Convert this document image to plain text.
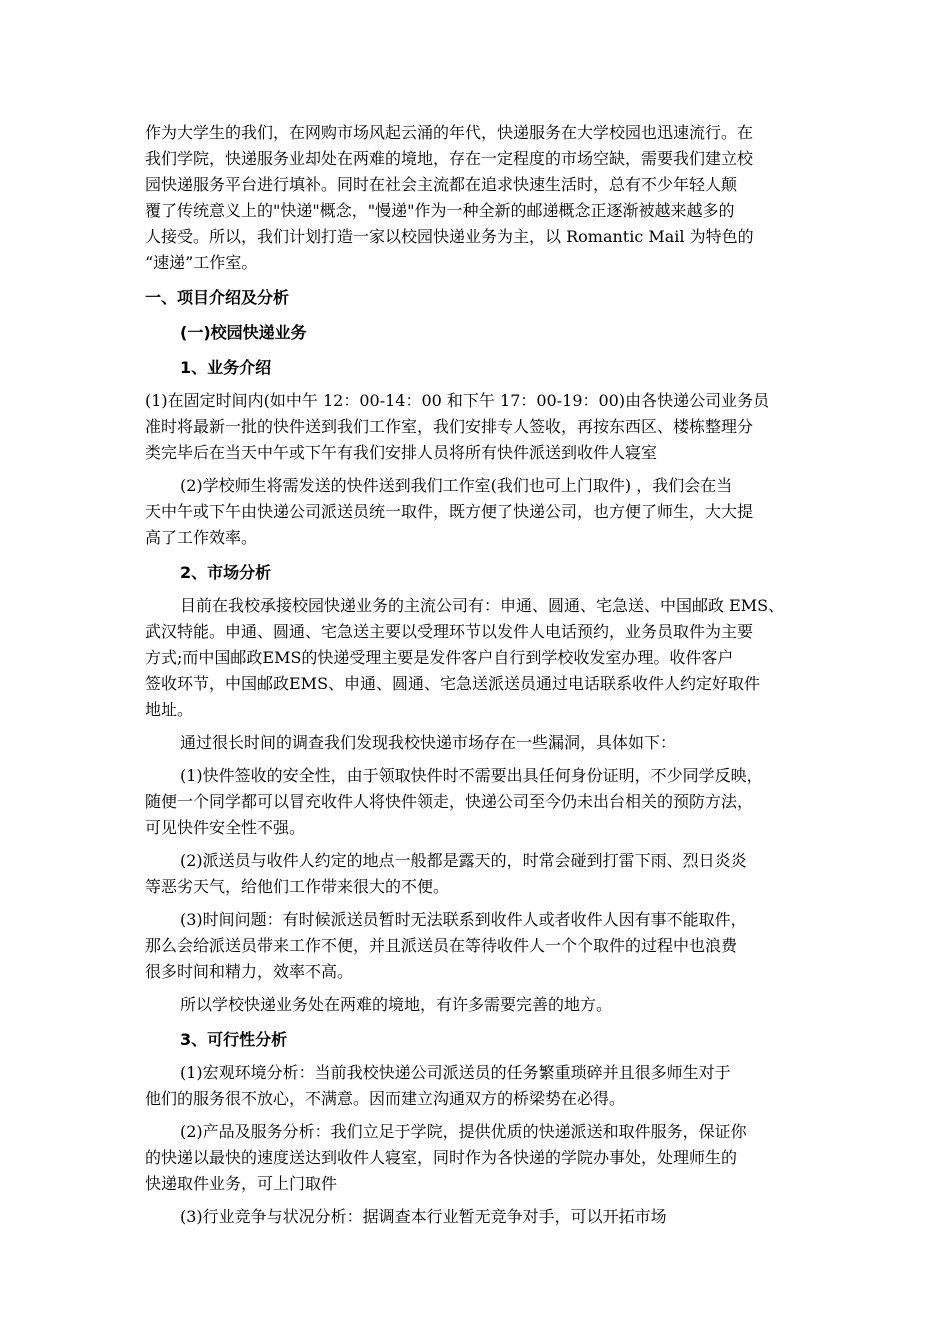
作为大学生的我们，在网购市场风起云涌的年代，快递服务在大学校园也迅速流行。在

我们学院，快递服务业却处在两难的境地，存在一定程度的市场空缺，需要我们建立校

园快递服务平台进行填补。同时在社会主流都在追求快速生活时，总有不少年轻人颠

覆了传统意义上的"快递"概念，"慢递"作为一种全新的邮递概念正逐渐被越来越多的

人接受。所以，我们计划打造一家以校园快递业务为主，以 Romantic Mail 为特色的

“速递”工作室。

一、项目介绍及分析
(一)校园快递业务
1、业务介绍

(1)在固定时间内(如中午 12：00-14：00 和下午 17：00-19：00)由各快递公司业务员

准时将最新一批的快件送到我们工作室，我们安排专人签收，再按东西区、楼栋整理分

类完毕后在当天中午或下午有我们安排人员将所有快件派送到收件人寝室

(2)学校师生将需发送的快件送到我们工作室(我们也可上门取件) ，我们会在当

天中午或下午由快递公司派送员统一取件，既方便了快递公司，也方便了师生，大大提

高了工作效率。

2、市场分析

目前在我校承接校园快递业务的主流公司有：申通、圆通、宅急送、中国邮政 EMS、

武汉特能。申通、圆通、宅急送主要以受理环节以发件人电话预约，业务员取件为主要

方式;而中国邮政EMS的快递受理主要是发件客户自行到学校收发室办理。收件客户

签收环节，中国邮政EMS、申通、圆通、宅急送派送员通过电话联系收件人约定好取件

地址。

通过很长时间的调查我们发现我校快递市场存在一些漏洞，具体如下：

(1)快件签收的安全性，由于领取快件时不需要出具任何身份证明，不少同学反映，

随便一个同学都可以冒充收件人将快件领走，快递公司至今仍未出台相关的预防方法，

可见快件安全性不强。

(2)派送员与收件人约定的地点一般都是露天的，时常会碰到打雷下雨、烈日炎炎

等恶劣天气，给他们工作带来很大的不便。

(3)时间问题：有时候派送员暂时无法联系到收件人或者收件人因有事不能取件，

那么会给派送员带来工作不便，并且派送员在等待收件人一个个取件的过程中也浪费

很多时间和精力，效率不高。

所以学校快递业务处在两难的境地，有许多需要完善的地方。

3、可行性分析

(1)宏观环境分析：当前我校快递公司派送员的任务繁重琐碎并且很多师生对于

他们的服务很不放心，不满意。因而建立沟通双方的桥梁势在必得。

(2)产品及服务分析：我们立足于学院，提供优质的快递派送和取件服务，保证你

的快递以最快的速度送达到收件人寝室，同时作为各快递的学院办事处，处理师生的

快递取件业务，可上门取件

(3)行业竞争与状况分析：据调查本行业暂无竞争对手，可以开拓市场
